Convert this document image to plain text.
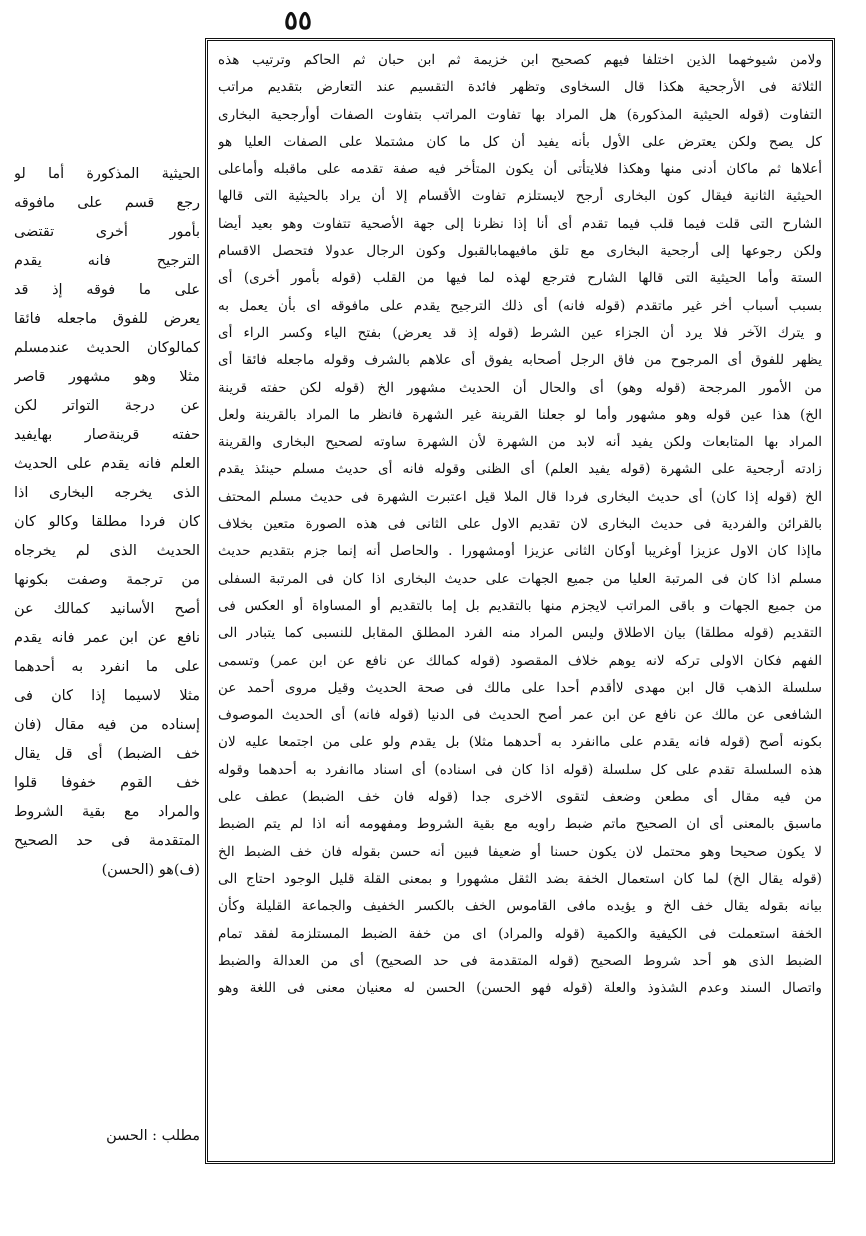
٥٥
الحيثية المذكورة أما لو
رجع قسم على مافوقه
بأمور أخرى تقتضى
الترجيح فانه يقدم
على ما فوقه إذ قد
يعرض للفوق ماجعله فائقا
كمالوكان الحديث عندمسلم
مثلا وهو مشهور قاصر
عن درجة التواتر لكن
حفته قرينةصار بهايفيد
العلم فانه يقدم على الحديث
الذى يخرجه البخارى اذا
كان فردا مطلقا وكالو كان
الحديث الذى لم يخرجاه
من ترجمة وصفت بكونها
أصح الأسانيد كمالك عن
نافع عن ابن عمر فانه يقدم
على ما انفرد به أحدهما
مثلا لاسيما إذا كان فى
إسناده من فيه مقال (فان
خف الضبط) أى قل يقال
خف القوم خفوفا قلوا
والمراد مع بقية الشروط
المتقدمة فى حد الصحيح
(ف)هو (الحسن)
مطلب : الحسن
ولامن شيوخهما الذين اختلفا فيهم كصحيح ابن خزيمة ثم ابن حبان ثم الحاكم وترتيب هذه
الثلاثة فى الأرجحية هكذا قال السخاوى وتظهر فائدة التقسيم عند التعارض بتقديم مراتب
التفاوت (قوله الحيثية المذكورة) هل المراد بها تفاوت المراتب بتفاوت الصفات أوأرجحية البخارى
كل يصح ولكن يعترض على الأول بأنه يفيد أن كل ما كان مشتملا على الصفات العليا هو
أعلاها ثم ماكان أدنى منها وهكذا فلايتأتى أن يكون المتأخر فيه صفة تقدمه على ماقبله وأماعلى
الحيثية الثانية فيقال كون البخارى أرجح لايستلزم تفاوت الأقسام إلا أن يراد بالحيثية التى قالها
الشارح التى قلت فيما قلب فيما تقدم أى أنا إذا نظرنا إلى جهة الأصحية تتفاوت وهو بعيد أيضا
ولكن رجوعها إلى أرجحية البخارى مع تلق مافيهمابالقبول وكون الرجال عدولا فتحصل الاقسام
الستة وأما الحيثية التى قالها الشارح فترجع لهذه لما فيها من القلب (قوله بأمور أخرى) أى
بسبب أسباب أخر غير ماتقدم (قوله فانه) أى ذلك الترجيح يقدم على مافوقه اى بأن يعمل به
و يترك الآخر فلا يرد أن الجزاء عين الشرط (قوله إذ قد يعرض) بفتح الياء وكسر الراء أى
يظهر للفوق أى المرجوح من فاق الرجل أصحابه يفوق أى علاهم بالشرف وقوله ماجعله فائقا أى
من الأمور المرجحة (قوله وهو) أى والحال أن الحديث مشهور الخ (قوله لكن حفته قرينة
الخ) هذا عين قوله وهو مشهور وأما لو جعلنا القرينة غير الشهرة فانظر ما المراد بالقرينة ولعل
المراد بها المتابعات ولكن يفيد أنه لابد من الشهرة لأن الشهرة ساوته لصحيح البخارى والقرينة
زادته أرجحية على الشهرة (قوله يفيد العلم) أى الظنى وقوله فانه أى حديث مسلم حينئذ يقدم
الخ (قوله إذا كان) أى حديث البخارى فردا قال الملا قيل اعتبرت الشهرة فى حديث مسلم المحتف
بالقرائن والفردية فى حديث البخارى لان تقديم الاول على الثانى فى هذه الصورة متعين بخلاف
ماإذا كان الاول عزيزا أوغريبا أوكان الثانى عزيزا أومشهورا . والحاصل أنه إنما جزم بتقديم حديث
مسلم اذا كان فى المرتبة العليا من جميع الجهات على حديث البخارى اذا كان فى المرتبة السفلى
من جميع الجهات و باقى المراتب لايجزم منها بالتقديم بل إما بالتقديم أو المساواة أو العكس فى
التقديم (قوله مطلقا) بيان الاطلاق وليس المراد منه الفرد المطلق المقابل للنسبى كما يتبادر الى
الفهم فكان الاولى تركه لانه يوهم خلاف المقصود (قوله كمالك عن نافع عن ابن عمر) وتسمى
سلسلة الذهب قال ابن مهدى لاأقدم أحدا على مالك فى صحة الحديث وقيل مروى أحمد عن
الشافعى عن مالك عن نافع عن ابن عمر أصح الحديث فى الدنيا (قوله فانه) أى الحديث الموصوف
بكونه أصح (قوله فانه يقدم على ماانفرد به أحدهما مثلا) بل يقدم ولو على من اجتمعا عليه لان
هذه السلسلة تقدم على كل سلسلة (قوله اذا كان فى اسناده) أى اسناد ماانفرد به أحدهما وقوله
من فيه مقال أى مطعن وضعف لتقوى الاخرى جدا (قوله فان خف الضبط) عطف على
ماسبق بالمعنى أى ان الصحيح ماتم ضبط راويه مع بقية الشروط ومفهومه أنه اذا لم يتم الضبط
لا يكون صحيحا وهو محتمل لان يكون حسنا أو ضعيفا فبين أنه حسن بقوله فان خف الضبط الخ
(قوله يقال الخ) لما كان استعمال الخفة بضد الثقل مشهورا و بمعنى القلة قليل الوجود احتاج الى
بيانه بقوله يقال خف الخ و يؤيده مافى القاموس الخف بالكسر الخفيف والجماعة القليلة وكأن
الخفة استعملت فى الكيفية والكمية (قوله والمراد) اى من خفة الضبط المستلزمة لفقد تمام
الضبط الذى هو أحد شروط الصحيح (قوله المتقدمة فى حد الصحيح) أى من العدالة والضبط
واتصال السند وعدم الشذوذ والعلة (قوله فهو الحسن) الحسن له معنيان معنى فى اللغة وهو
